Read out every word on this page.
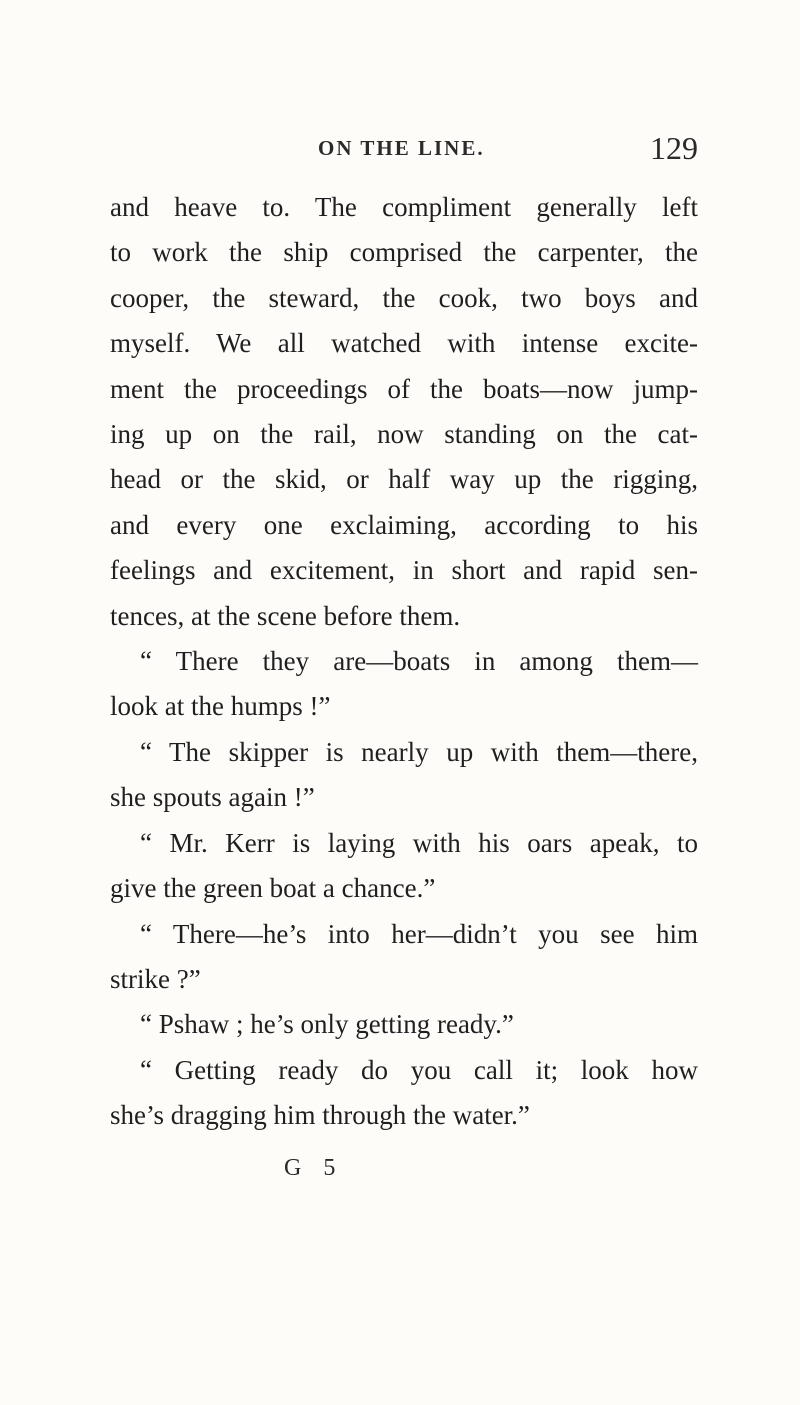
ON THE LINE.	129
and heave to. The compliment generally left
to work the ship comprised the carpenter, the
cooper, the steward, the cook, two boys and
myself. We all watched with intense excite-
ment the proceedings of the boats—now jump-
ing up on the rail, now standing on the cat-
head or the skid, or half way up the rigging,
and every one exclaiming, according to his
feelings and excitement, in short and rapid sen-
tences, at the scene before them.
“ There they are—boats in among them—
look at the humps !”
“ The skipper is nearly up with them—there,
she spouts again !”
“ Mr. Kerr is laying with his oars apeak, to
give the green boat a chance.”
“ There—he’s into her—didn’t you see him
strike ?”
“ Pshaw ; he’s only getting ready.”
“ Getting ready do you call it; look how
she’s dragging him through the water.”
G 5
